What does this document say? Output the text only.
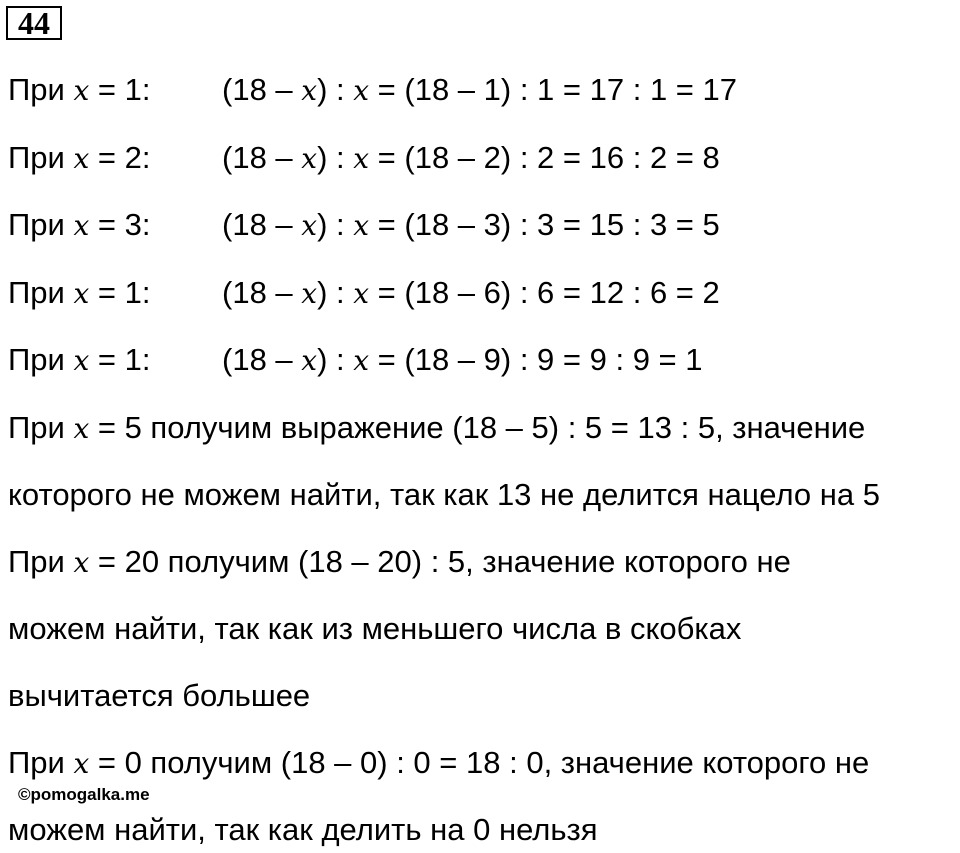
44
При x = 1: (18 – x) : x = (18 – 1) : 1 = 17 : 1 = 17
При x = 2: (18 – x) : x = (18 – 2) : 2 = 16 : 2 = 8
При x = 3: (18 – x) : x = (18 – 3) : 3 = 15 : 3 = 5
При x = 1: (18 – x) : x = (18 – 6) : 6 = 12 : 6 = 2
При x = 1: (18 – x) : x = (18 – 9) : 9 = 9 : 9 = 1
При x = 5 получим выражение (18 – 5) : 5 = 13 : 5, значение
которого не можем найти, так как 13 не делится нацело на 5
При x = 20 получим (18 – 20) : 5, значение которого не
можем найти, так как из меньшего числа в скобках
вычитается большее
При x = 0 получим (18 – 0) : 0 = 18 : 0, значение которого не
©pomogalka.me
можем найти, так как делить на 0 нельзя
